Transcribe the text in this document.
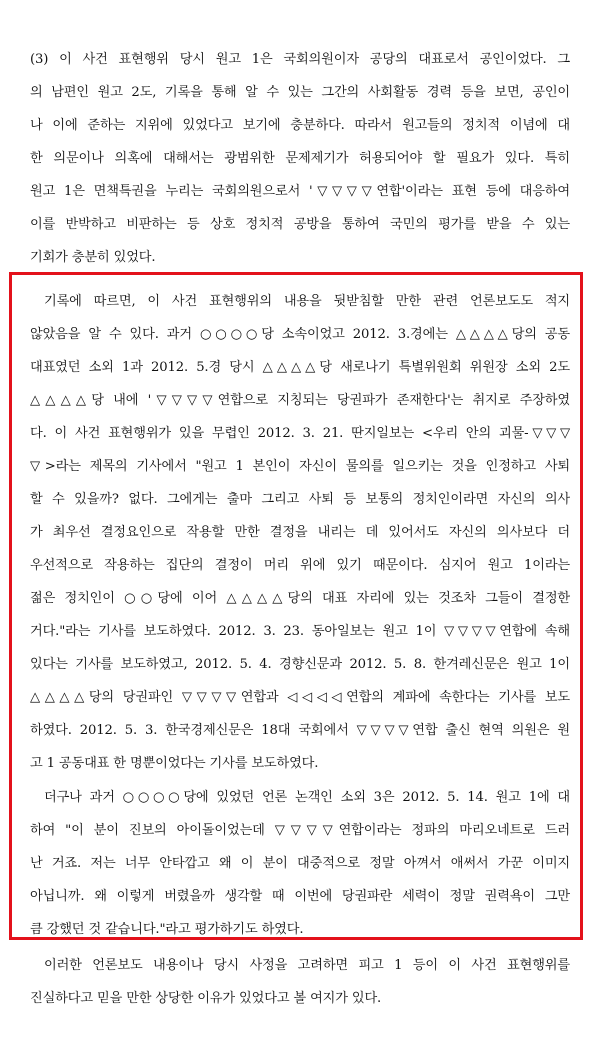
(3) 이 사건 표현행위 당시 원고 1은 국회의원이자 공당의 대표로서 공인이었다. 그
의 남편인 원고 2도, 기록을 통해 알 수 있는 그간의 사회활동 경력 등을 보면, 공인이
나 이에 준하는 지위에 있었다고 보기에 충분하다. 따라서 원고들의 정치적 이념에 대
한 의문이나 의혹에 대해서는 광범위한 문제제기가 허용되어야 할 필요가 있다. 특히
원고 1은 면책특권을 누리는 국회의원으로서 '▽▽▽▽연합'이라는 표현 등에 대응하여
이를 반박하고 비판하는 등 상호 정치적 공방을 통하여 국민의 평가를 받을 수 있는
기회가 충분히 있었다.
기록에 따르면, 이 사건 표현행위의 내용을 뒷받침할 만한 관련 언론보도도 적지
않았음을 알 수 있다. 과거 ○○○○당 소속이었고 2012. 3.경에는 △△△△당의 공동
대표였던 소외 1과 2012. 5.경 당시 △△△△당 새로나기 특별위원회 위원장 소외 2도
△△△△당 내에 '▽▽▽▽연합으로 지칭되는 당권파가 존재한다'는 취지로 주장하였
다. 이 사건 표현행위가 있을 무렵인 2012. 3. 21. 딴지일보는 <우리 안의 괴물-▽▽▽
▽>라는 제목의 기사에서 "원고 1 본인이 자신이 물의를 일으키는 것을 인정하고 사퇴
할 수 있을까? 없다. 그에게는 출마 그리고 사퇴 등 보통의 정치인이라면 자신의 의사
가 최우선 결정요인으로 작용할 만한 결정을 내리는 데 있어서도 자신의 의사보다 더
우선적으로 작용하는 집단의 결정이 머리 위에 있기 때문이다. 심지어 원고 1이라는
젊은 정치인이 ○○당에 이어 △△△△당의 대표 자리에 있는 것조차 그들이 결정한
거다."라는 기사를 보도하였다. 2012. 3. 23. 동아일보는 원고 1이 ▽▽▽▽연합에 속해
있다는 기사를 보도하였고, 2012. 5. 4. 경향신문과 2012. 5. 8. 한겨레신문은 원고 1이
△△△△당의 당권파인 ▽▽▽▽연합과 ◁◁◁◁연합의 계파에 속한다는 기사를 보도
하였다. 2012. 5. 3. 한국경제신문은 18대 국회에서 ▽▽▽▽연합 출신 현역 의원은 원
고 1 공동대표 한 명뿐이었다는 기사를 보도하였다.
더구나 과거 ○○○○당에 있었던 언론 논객인 소외 3은 2012. 5. 14. 원고 1에 대
하여 "이 분이 진보의 아이돌이었는데 ▽▽▽▽연합이라는 정파의 마리오네트로 드러
난 거죠. 저는 너무 안타깝고 왜 이 분이 대중적으로 정말 아껴서 애써서 가꾼 이미지
아닙니까. 왜 이렇게 버렸을까 생각할 때 이번에 당권파란 세력이 정말 권력욕이 그만
큼 강했던 것 같습니다."라고 평가하기도 하였다.
이러한 언론보도 내용이나 당시 사정을 고려하면 피고 1 등이 이 사건 표현행위를
진실하다고 믿을 만한 상당한 이유가 있었다고 볼 여지가 있다.
